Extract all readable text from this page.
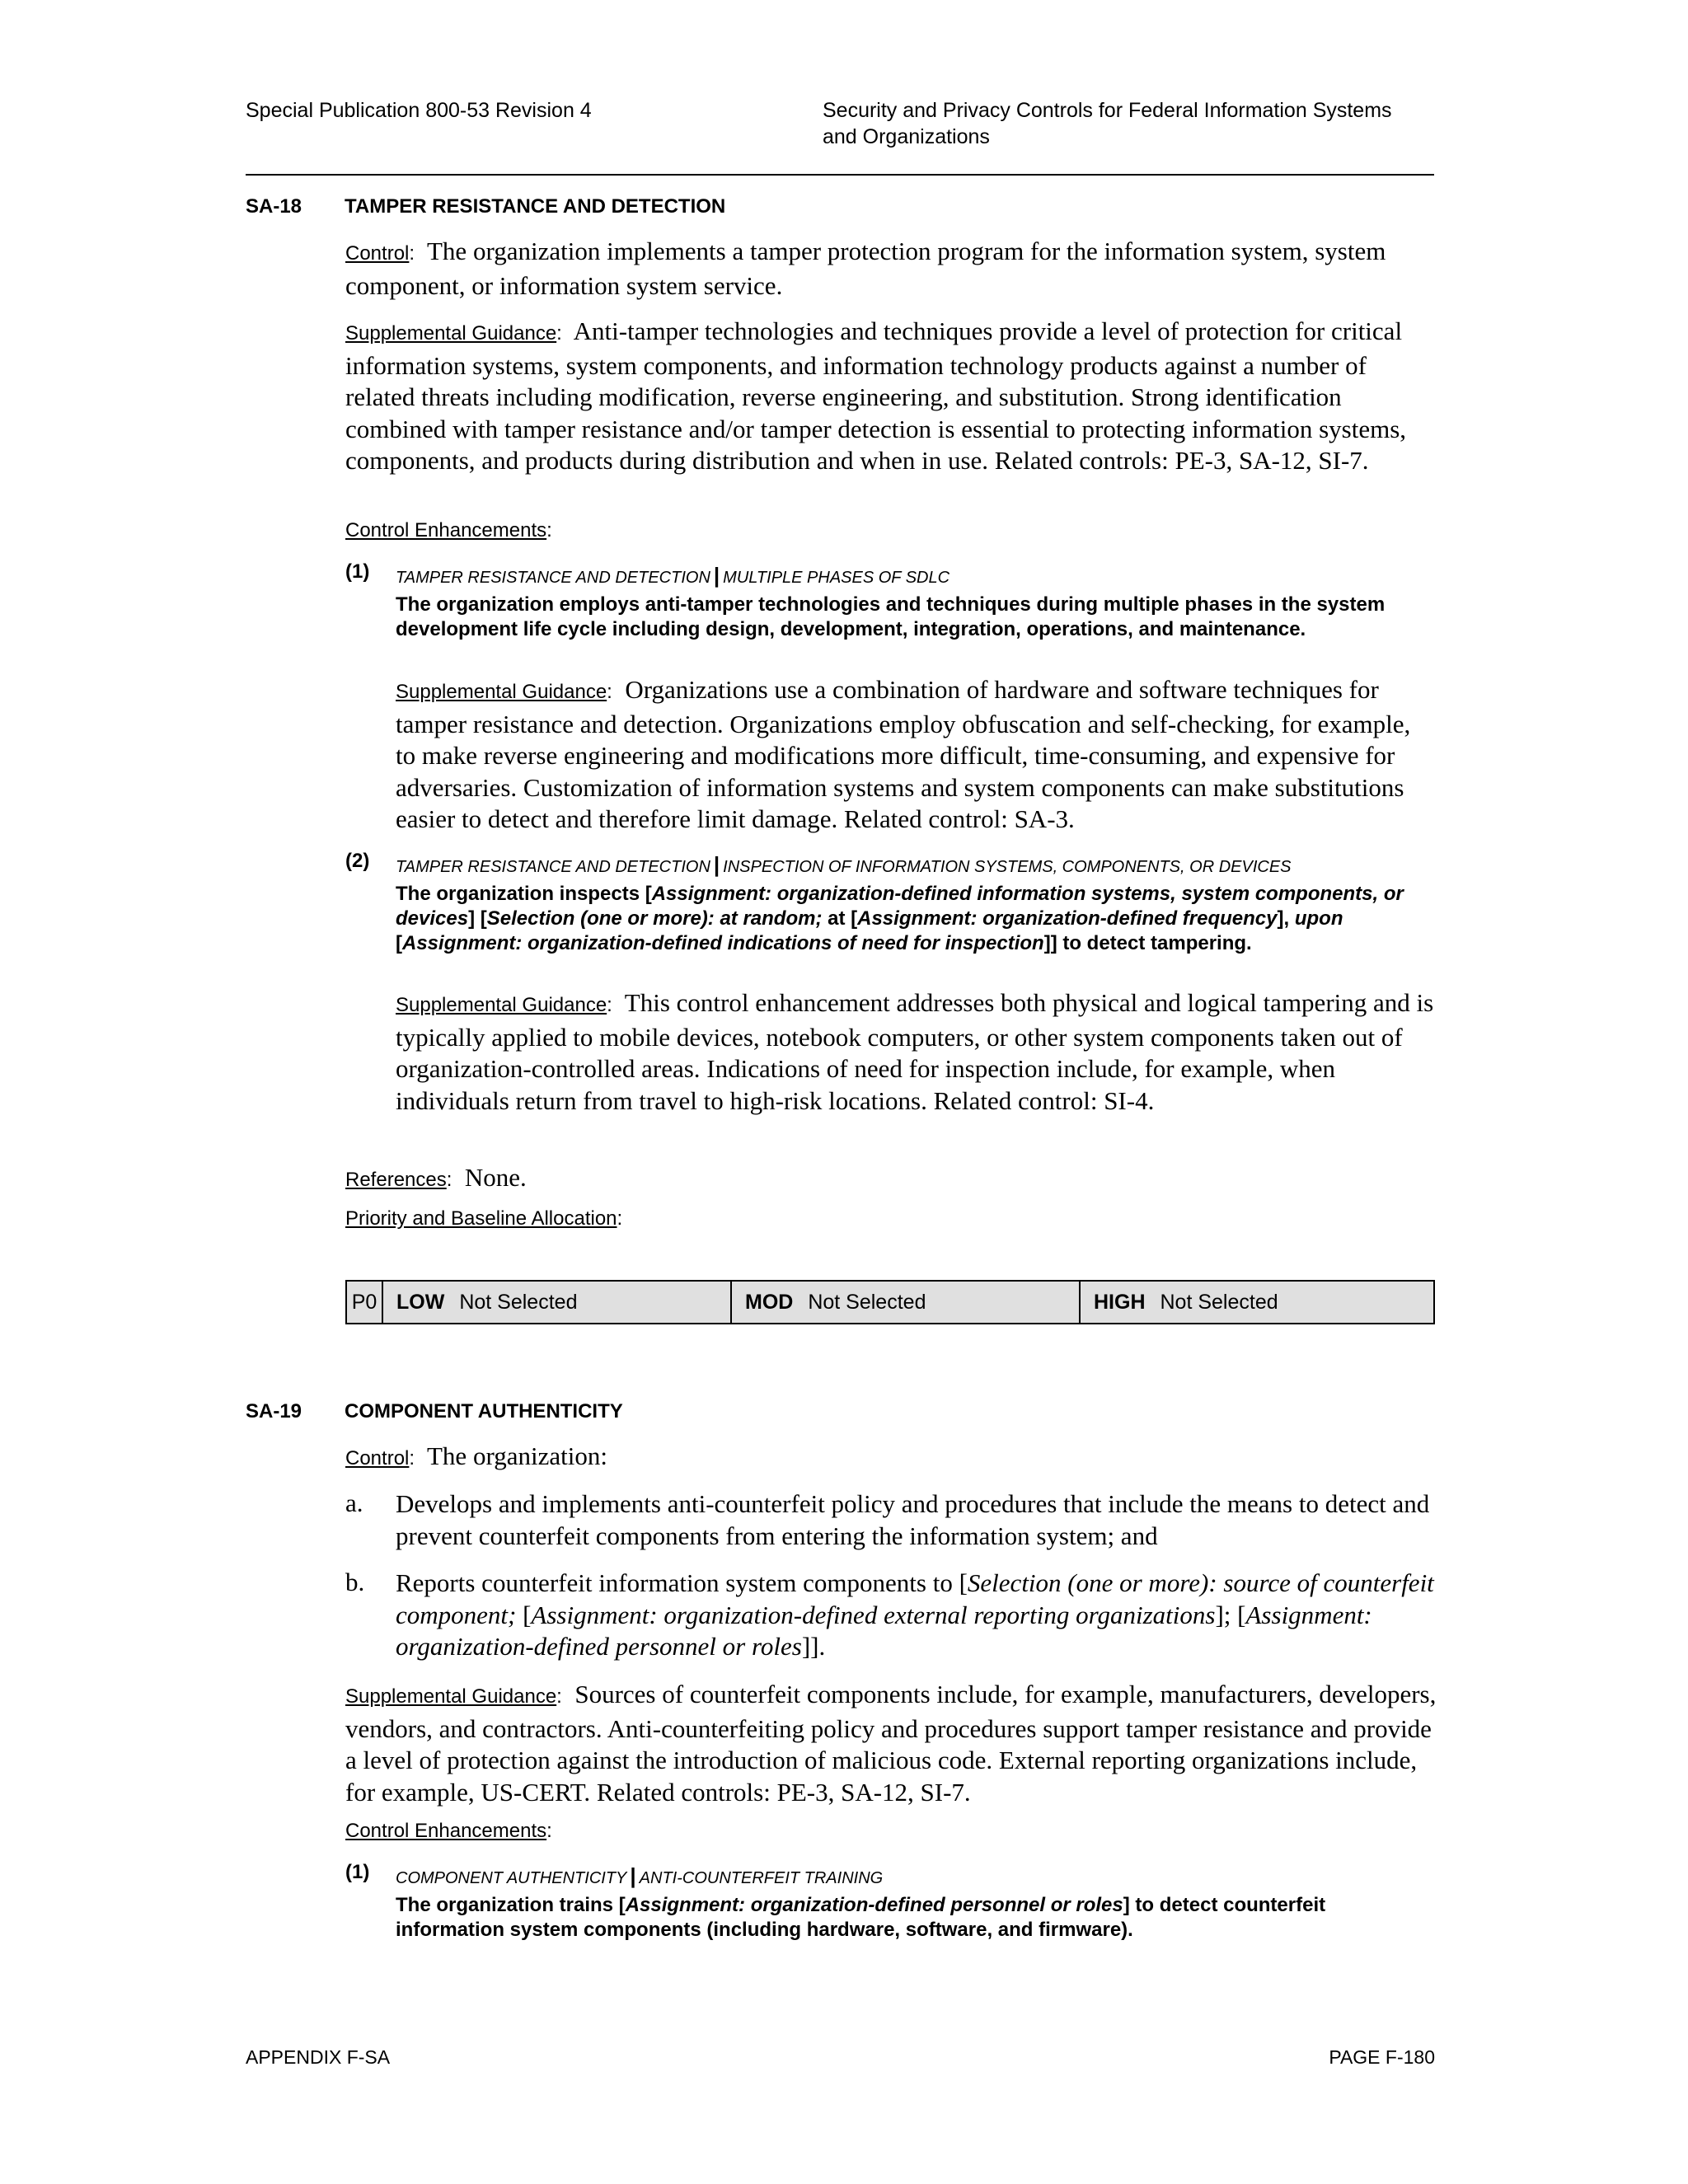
Special Publication 800-53 Revision 4	Security and Privacy Controls for Federal Information Systems
and Organizations
SA-18 TAMPER RESISTANCE AND DETECTION
Control: The organization implements a tamper protection program for the information system, system component, or information system service.
Supplemental Guidance: Anti-tamper technologies and techniques provide a level of protection for critical information systems, system components, and information technology products against a number of related threats including modification, reverse engineering, and substitution. Strong identification combined with tamper resistance and/or tamper detection is essential to protecting information systems, components, and products during distribution and when in use. Related controls: PE-3, SA-12, SI-7.
Control Enhancements:
(1) TAMPER RESISTANCE AND DETECTION | MULTIPLE PHASES OF SDLC
The organization employs anti-tamper technologies and techniques during multiple phases in the system development life cycle including design, development, integration, operations, and maintenance.
Supplemental Guidance: Organizations use a combination of hardware and software techniques for tamper resistance and detection. Organizations employ obfuscation and self-checking, for example, to make reverse engineering and modifications more difficult, time-consuming, and expensive for adversaries. Customization of information systems and system components can make substitutions easier to detect and therefore limit damage. Related control: SA-3.
(2) TAMPER RESISTANCE AND DETECTION | INSPECTION OF INFORMATION SYSTEMS, COMPONENTS, OR DEVICES
The organization inspects [Assignment: organization-defined information systems, system components, or devices] [Selection (one or more): at random; at [Assignment: organization-defined frequency], upon [Assignment: organization-defined indications of need for inspection]] to detect tampering.
Supplemental Guidance: This control enhancement addresses both physical and logical tampering and is typically applied to mobile devices, notebook computers, or other system components taken out of organization-controlled areas. Indications of need for inspection include, for example, when individuals return from travel to high-risk locations. Related control: SI-4.
References: None.
Priority and Baseline Allocation:
P0	LOW Not Selected	MOD Not Selected	HIGH Not Selected
SA-19 COMPONENT AUTHENTICITY
Control: The organization:
a. Develops and implements anti-counterfeit policy and procedures that include the means to detect and prevent counterfeit components from entering the information system; and
b. Reports counterfeit information system components to [Selection (one or more): source of counterfeit component; [Assignment: organization-defined external reporting organizations]; [Assignment: organization-defined personnel or roles]].
Supplemental Guidance: Sources of counterfeit components include, for example, manufacturers, developers, vendors, and contractors. Anti-counterfeiting policy and procedures support tamper resistance and provide a level of protection against the introduction of malicious code. External reporting organizations include, for example, US-CERT. Related controls: PE-3, SA-12, SI-7.
Control Enhancements:
(1) COMPONENT AUTHENTICITY | ANTI-COUNTERFEIT TRAINING
The organization trains [Assignment: organization-defined personnel or roles] to detect counterfeit information system components (including hardware, software, and firmware).
APPENDIX F-SA	PAGE F-180
